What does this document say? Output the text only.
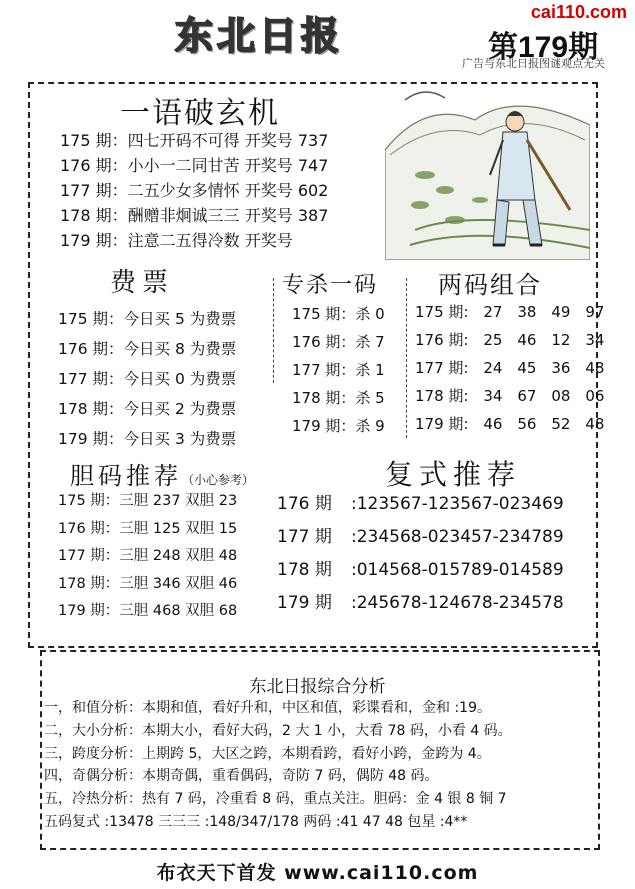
东北日报
cai110.com
第179期
广告与东北日报图谜观点无关
一语破玄机
175 期：四七开码不可得 开奖号 737
176 期：小小一二同甘苦 开奖号 747
177 期：二五少女多情怀 开奖号 602
178 期：酬赠非炯诚三三 开奖号 387
179 期：注意二五得冷数 开奖号
费票	专杀一码 两码组合
175 期：今日买 5 为费票
176 期：今日买 8 为费票
177 期：今日买 0 为费票
178 期：今日买 2 为费票
179 期：今日买 3 为费票
175 期：杀 0
176 期：杀 7
177 期：杀 1
178 期：杀 5
179 期：杀 9
175 期: 27 38 49 97
176 期: 25 46 12 34
177 期: 24 45 36 48
178 期: 34 67 08 06
179 期: 46 56 52 48
胆码推荐（小心参考）	复式推荐
175 期：三胆 237 双胆 23
176 期：三胆 125 双胆 15
177 期：三胆 248 双胆 48
178 期：三胆 346 双胆 46
179 期：三胆 468 双胆 68
176 期 :123567-123567-023469
177 期 :234568-023457-234789
178 期 :014568-015789-014589
179 期 :245678-124678-234578
东北日报综合分析
一，和值分析：本期和值，看好升和，中区和值，彩谍看和，金和 :19。
二，大小分析：本期大小，看好大码，2 大 1 小，大看 78 码，小看 4 码。
三，跨度分析：上期跨 5，大区之跨，本期看跨，看好小跨，金跨为 4。
四，奇偶分析：本期奇偶，重看偶码，奇防 7 码，偶防 48 码。
五，冷热分析：热有 7 码，冷重看 8 码，重点关注。胆码：金 4 银 8 铜 7
五码复式 :13478 三三三 :148/347/178 两码 :41 47 48 包星 :4**
布衣天下首发 www.cai110.com
